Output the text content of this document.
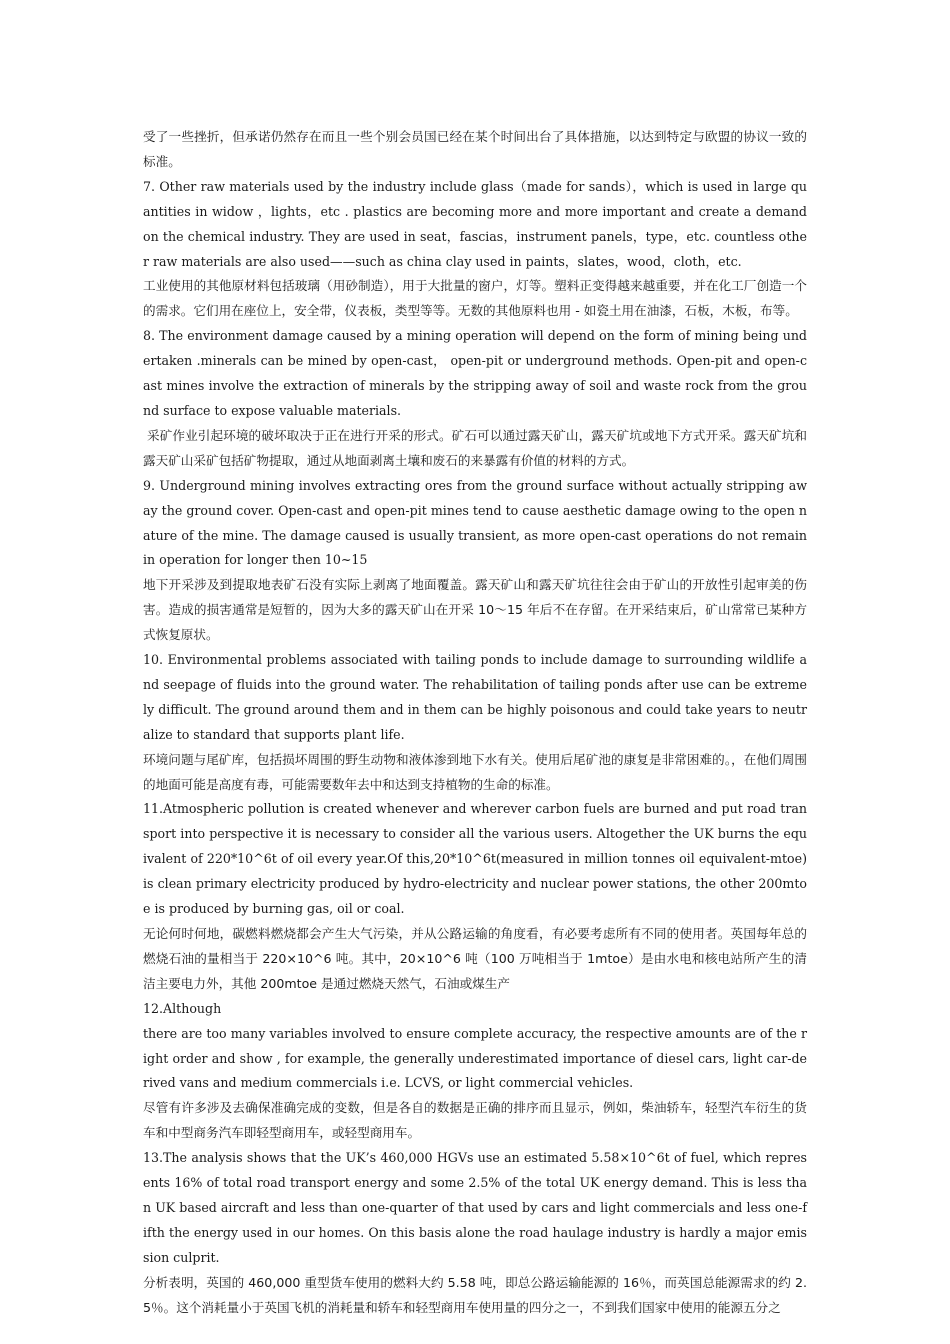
受了一些挫折，但承诺仍然存在而且一些个别会员国已经在某个时间出台了具体措施，以达到特定与欧盟的协议一致的标准。

7. Other raw materials used by the industry include glass（made for sands），which is used in large quantities in widow ，lights，etc . plastics are becoming more and more important and create a demand on the chemical industry. They are used in seat，fascias，instrument panels，type，etc. countless other raw materials are also used——such as china clay used in paints，slates，wood，cloth，etc.

工业使用的其他原材料包括玻璃（用砂制造），用于大批量的窗户，灯等。塑料正变得越来越重要，并在化工厂创造一个的需求。它们用在座位上，安全带，仪表板，类型等等。无数的其他原料也用 - 如瓷土用在油漆，石板，木板，布等。

8. The environment damage caused by a mining operation will depend on the form of mining being undertaken .minerals can be mined by open-cast， open-pit or underground methods. Open-pit and open-cast mines involve the extraction of minerals by the stripping away of soil and waste rock from the ground surface to expose valuable materials.

采矿作业引起环境的破坏取决于正在进行开采的形式。矿石可以通过露天矿山，露天矿坑或地下方式开采。露天矿坑和露天矿山采矿包括矿物提取，通过从地面剥离土壤和废石的来暴露有价值的材料的方式。

9. Underground mining involves extracting ores from the ground surface without actually stripping away the ground cover. Open-cast and open-pit mines tend to cause aesthetic damage owing to the open nature of the mine. The damage caused is usually transient, as more open-cast operations do not remain in operation for longer then 10~15

地下开采涉及到提取地表矿石没有实际上剥离了地面覆盖。露天矿山和露天矿坑往往会由于矿山的开放性引起审美的伤害。造成的损害通常是短暂的，因为大多的露天矿山在开采 10～15 年后不在存留。在开采结束后，矿山常常已某种方式恢复原状。

10. Environmental problems associated with tailing ponds to include damage to surrounding wildlife and seepage of fluids into the ground water. The rehabilitation of tailing ponds after use can be extremely difficult. The ground around them and in them can be highly poisonous and could take years to neutralize to standard that supports plant life.

环境问题与尾矿库，包括损坏周围的野生动物和液体渗到地下水有关。使用后尾矿池的康复是非常困难的。，在他们周围的地面可能是高度有毒，可能需要数年去中和达到支持植物的生命的标准。

11.Atmospheric pollution is created whenever and wherever carbon fuels are burned and put road transport into perspective it is necessary to consider all the various users. Altogether the UK burns the equivalent of 220*10^6t of oil every year.Of this,20*10^6t(measured in million tonnes oil equivalent-mtoe) is clean primary electricity produced by hydro-electricity and nuclear power stations, the other 200mtoe is produced by burning gas, oil or coal.

无论何时何地，碳燃料燃烧都会产生大气污染，并从公路运输的角度看，有必要考虑所有不同的使用者。英国每年总的燃烧石油的量相当于 220×10^6 吨。其中，20×10^6 吨（100 万吨相当于 1mtoe）是由水电和核电站所产生的清洁主要电力外，其他 200mtoe 是通过燃烧天然气，石油或煤生产

12.Although

there are too many variables involved to ensure complete accuracy, the respective amounts are of the right order and show , for example, the generally underestimated importance of diesel cars, light car-derived vans and medium commercials i.e. LCVS, or light commercial vehicles.

尽管有许多涉及去确保准确完成的变数，但是各自的数据是正确的排序而且显示，例如，柴油轿车，轻型汽车衍生的货车和中型商务汽车即轻型商用车，或轻型商用车。

13.The analysis shows that the UK’s 460,000 HGVs use an estimated 5.58×10^6t of fuel, which represents 16% of total road transport energy and some 2.5% of the total UK energy demand. This is less than UK based aircraft and less than one-quarter of that used by cars and light commercials and less one-fifth the energy used in our homes. On this basis alone the road haulage industry is hardly a major emission culprit.

分析表明，英国的 460,000 重型货车使用的燃料大约 5.58 吨，即总公路运输能源的 16％，而英国总能源需求的约 2.5％。这个消耗量小于英国飞机的消耗量和轿车和轻型商用车使用量的四分之一，不到我们国家中使用的能源五分之
